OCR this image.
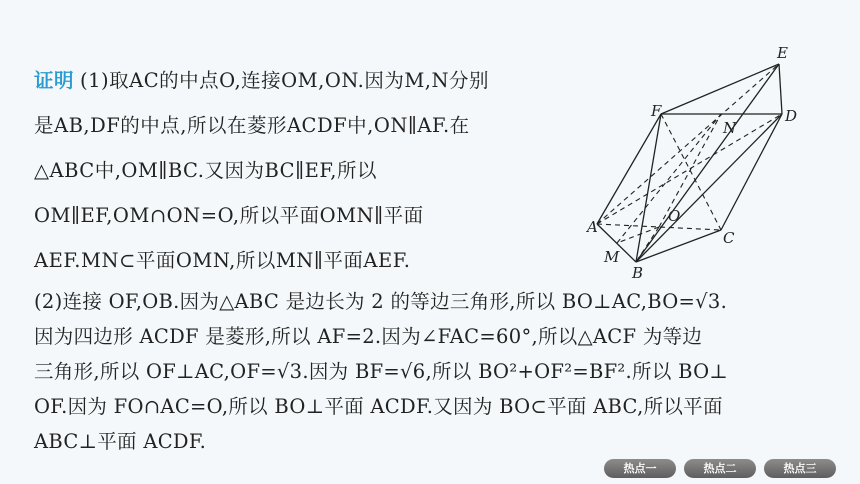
证明 (1)取AC的中点O,连接OM,ON.因为M,N分别
是AB,DF的中点,所以在菱形ACDF中,ON∥AF.在
△ABC中,OM∥BC.又因为BC∥EF,所以
OM∥EF,OM∩ON=O,所以平面OMN∥平面
AEF.MN⊂平面OMN,所以MN∥平面AEF.
(2)连接 OF,OB.因为△ABC 是边长为 2 的等边三角形,所以 BO⊥AC,BO=√3.
因为四边形 ACDF 是菱形,所以 AF=2.因为∠FAC=60°,所以△ACF 为等边
三角形,所以 OF⊥AC,OF=√3.因为 BF=√6,所以 BO²+OF²=BF².所以 BO⊥
OF.因为 FO∩AC=O,所以 BO⊥平面 ACDF.又因为 BO⊂平面 ABC,所以平面
ABC⊥平面 ACDF.
E
F
N
D
O
A
C
M
B
热点一	热点二	热点三
